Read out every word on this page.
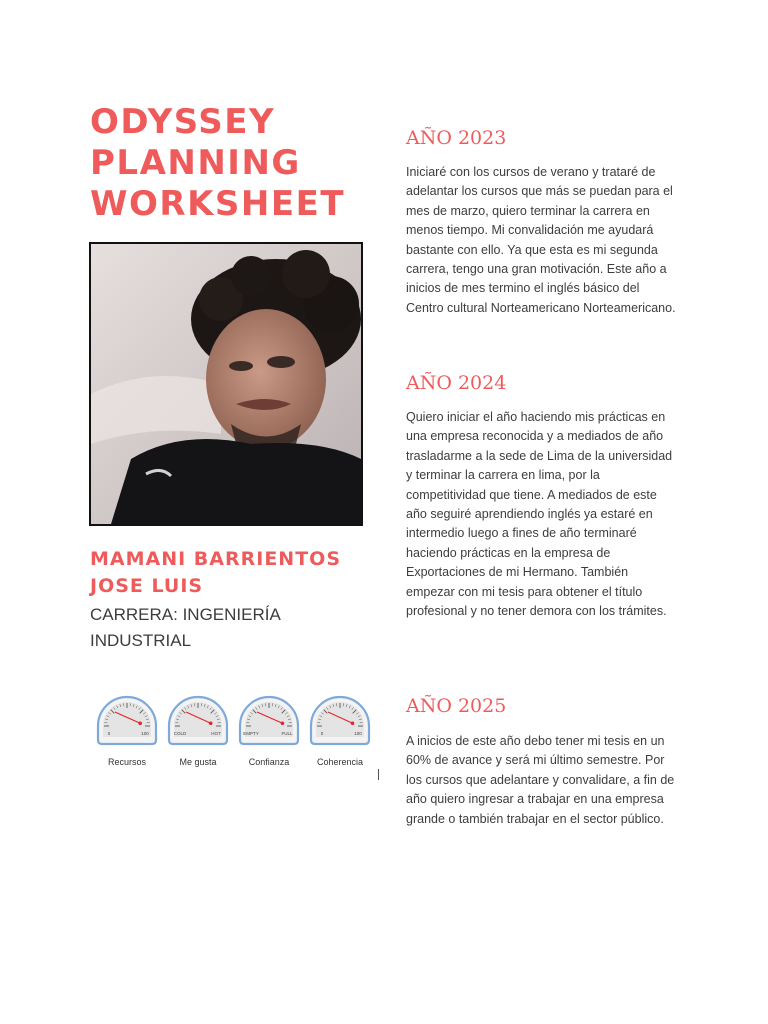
ODYSSEY
PLANNING
WORKSHEET
MAMANI BARRIENTOS
JOSE LUIS
CARRERA: INGENIERÍA INDUSTRIAL
0	100
Recursos
COLD	HOT
Me gusta
EMPTY	FULL
Confianza
0	100
Coherencia
AÑO 2023

Iniciaré con los cursos de verano y trataré de adelantar los cursos que más se puedan para el mes de marzo, quiero terminar la carrera en menos tiempo. Mi convalidación me ayudará bastante con ello. Ya que esta es mi segunda carrera, tengo una gran motivación. Este año a inicios de mes termino el inglés básico del Centro cultural Norteamericano Norteamericano.

AÑO 2024

Quiero iniciar el año haciendo mis prácticas en una empresa reconocida y a mediados de año trasladarme a la sede de Lima de la universidad y terminar la carrera en lima, por la competitividad que tiene. A mediados de este año seguiré aprendiendo inglés ya estaré en intermedio luego a fines de año terminaré haciendo prácticas en la empresa de Exportaciones de mi Hermano. También empezar con mi tesis para obtener el título profesional y no tener demora con los trámites.

AÑO 2025

A inicios de este año debo tener mi tesis en un 60% de avance y será mi último semestre. Por los cursos que adelantare y convalidare, a fin de año quiero ingresar a trabajar en una empresa grande o también trabajar en el sector público.
